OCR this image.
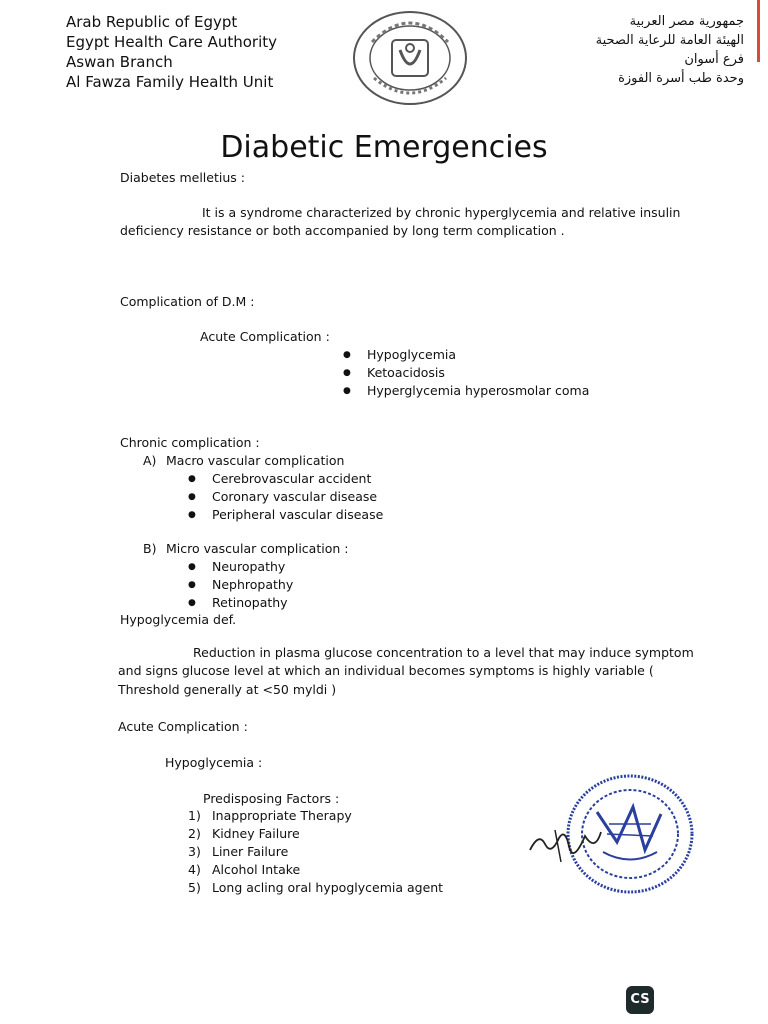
Arab Republic of Egypt
Egypt Health Care Authority
Aswan Branch
Al Fawza Family Health Unit
جمهورية مصر العربية
الهيئة العامة للرعاية الصحية
فرع أسوان
وحدة طب أسرة الفوزة
Diabetic Emergencies
Diabetes melletius :
It is a syndrome characterized by chronic hyperglycemia and relative insulin
deficiency resistance or both accompanied by long term complication .
Complication of D.M :
Acute Complication :
● Hypoglycemia
● Ketoacidosis
● Hyperglycemia hyperosmolar coma
Chronic complication :
A) Macro vascular complication
● Cerebrovascular accident
● Coronary vascular disease
● Peripheral vascular disease
B) Micro vascular complication :
● Neuropathy
● Nephropathy
● Retinopathy
Hypoglycemia def.
Reduction in plasma glucose concentration to a level that may induce symptom
and signs glucose level at which an individual becomes symptoms is highly variable (
Threshold generally at <50 myldi )
Acute Complication :
Hypoglycemia :
Predisposing Factors :
1) Inappropriate Therapy
2) Kidney Failure
3) Liner Failure
4) Alcohol Intake
5) Long acling oral hypoglycemia agent
CS
